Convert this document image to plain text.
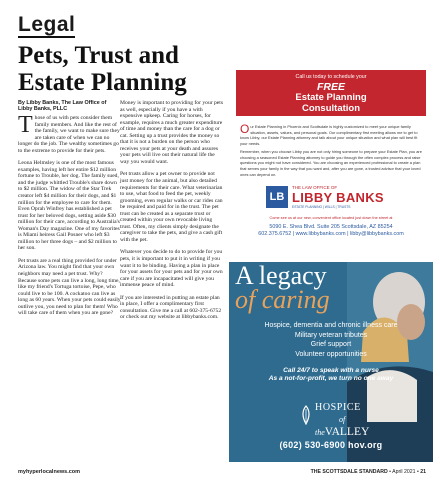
Legal
Pets, Trust and
Estate Planning
By Libby Banks, The Law Office of
Libby Banks, PLLC

Those of us with pets consider them family members. And like the rest of the family, we want to make sure they are taken care of when we can no longer do the job. The wealthy sometimes go to the extreme to provide for their pets.

Leona Helmsley is one of the most famous examples, having left her entire $12 million fortune to Trouble, her dog. The family sued, and the judge whittled Trouble's share down to $2 million. The widow of the Star Trek creator left $4 million for their dogs, and $1 million for the employee to care for them. Even Oprah Winfrey has established a pet trust for her beloved dogs, setting aside $30 million for their care, according to Australia's Woman's Day magazine. One of my favorites is Miami heiress Gail Posner who left $3 million to her three dogs – and $2 million to her son.

Pet trusts are a real thing provided for under Arizona law. You might find that your own neighbors may need a pet trust. Why? Because some pets can live a long, long time, like my friend's Tortuga tortoise, Pepe, who could live to be 100. A cockatoo can live as long as 60 years. When your pets could easily outlive you, you need to plan for them! Who will take care of them when you are gone?

Money is important to providing for your pets as well, especially if you have a with expensive upkeep. Caring for horses, for example, requires a much greater expenditure of time and money than the care for a dog or cat. Setting up a trust provides the money so that it is not a burden on the person who receives your pets at your death and assures your pets will live out their natural life the way you would want.

Pet trusts allow a pet owner to provide not just money for the animal, but also detailed requirements for their care. What veterinarian to use, what food to feed the pet, weekly grooming, even regular walks or car rides can be required and paid for in the trust. The pet trust can be created as a separate trust or created within your own revocable living trust. Often, my clients simply designate the caregiver to take the pets, and give a cash gift with the pet.

Whatever you decide to do to provide for you pets, it is important to put it in writing if you want it to be binding. Having a plan in place for your assets for your pets and for your own care if you are incapacitated will give you immense peace of mind.

If you are interested in putting an estate plan in place, I offer a complimentary first consultation. Give me a call at 602-375-6752 or check out my website at libbybanks.com.

Call us today to schedule your
FREE
Estate Planning
Consultation

Our Estate Planning in Phoenix and Scottsdale is highly customized to meet your unique family situation, assets, values, and personal goals. Our complimentary first meeting allows me to get to know Libby, our Estate Planning attorney and talk about your unique situation and what plan will best fit your needs.

Remember, when you choose Libby you are not only hiring someone to prepare your Estate Plan, you are choosing a seasoned Estate Planning attorney to guide you through the often complex process and raise questions you might not have considered. You are choosing an experienced professional to create a plan that serves your family in the way that you want and, after you are gone, a trusted advisor that your loved ones can depend on.

LB
THE LAW OFFICE OF
LIBBY BANKS
ESTATE PLANNING | WILLS | TRUSTS
Come see us at our new, convenient office located just down the street at
5090 E. Shea Blvd. Suite 205 Scottsdale, AZ 85254
602.375.6752 | www.libbybanks.com | libby@libbybanks.com
A legacy
of caring
Hospice, dementia and chronic illness care
Military veteran tributes
Grief support
Volunteer opportunities
Call 24/7 to speak with a nurse
As a not-for-profit, we turn no one away
HOSPICE
of theVALLEY
(602) 530-6900 hov.org
myhyperlocalnews.com	THE SCOTTSDALE STANDARD • April 2021 • 21
